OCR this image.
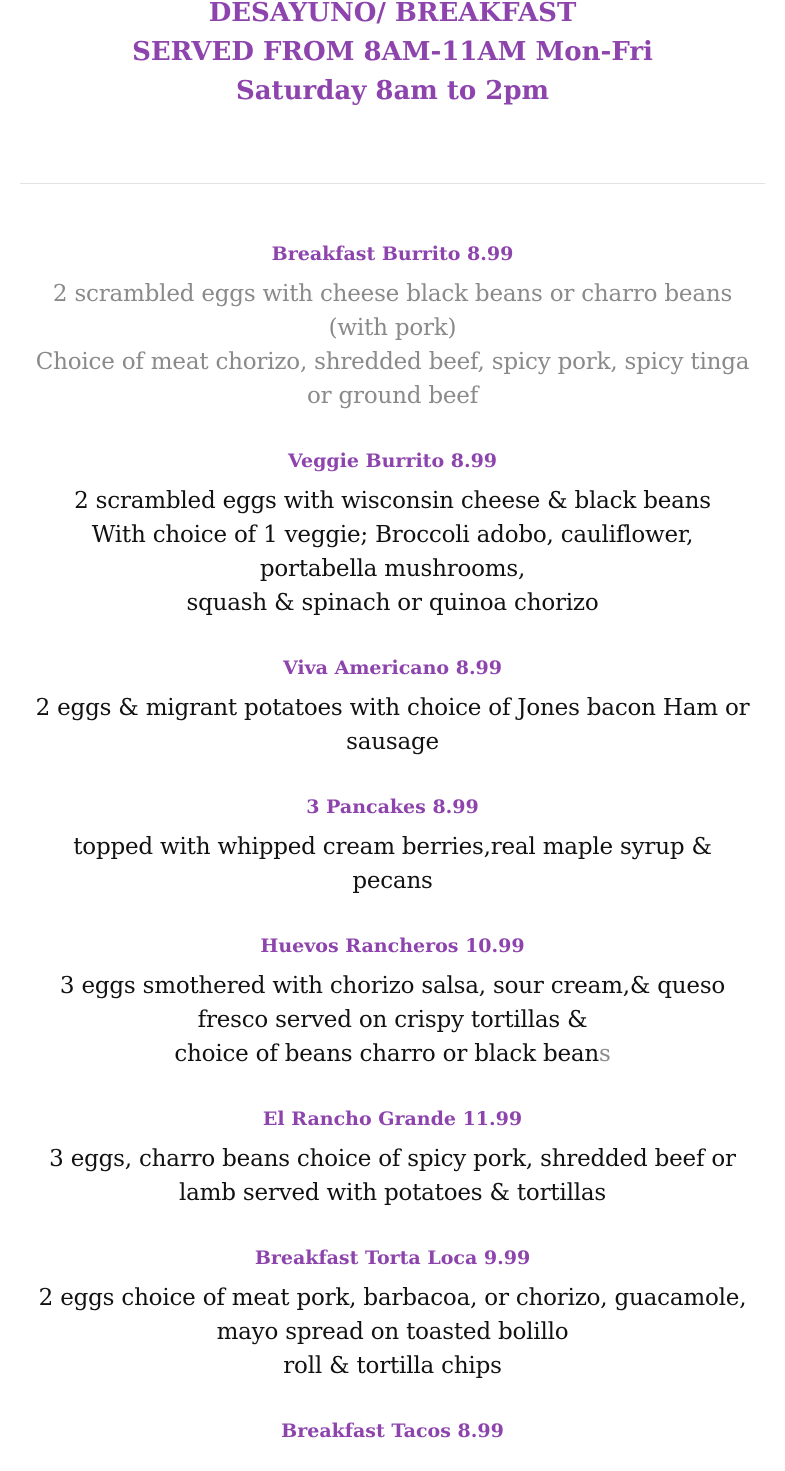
DESAYUNO/ BREAKFAST
SERVED FROM 8AM-11AM Mon-Fri
Saturday 8am to 2pm
Breakfast Burrito 8.99
2 scrambled eggs with cheese black beans or charro beans
(with pork)
Choice of meat chorizo, shredded beef, spicy pork, spicy tinga
or ground beef
Veggie Burrito 8.99
2 scrambled eggs with wisconsin cheese & black beans
With choice of 1 veggie; Broccoli adobo, cauliflower,
portabella mushrooms,
squash & spinach or quinoa chorizo
Viva Americano 8.99
2 eggs & migrant potatoes with choice of Jones bacon Ham or
sausage
3 Pancakes 8.99
topped with whipped cream berries,real maple syrup &
pecans
Huevos Rancheros 10.99
3 eggs smothered with chorizo salsa, sour cream,& queso
fresco served on crispy tortillas &
choice of beans charro or black beans
El Rancho Grande 11.99
3 eggs, charro beans choice of spicy pork, shredded beef or
lamb served with potatoes & tortillas
Breakfast Torta Loca 9.99
2 eggs choice of meat pork, barbacoa, or chorizo, guacamole,
mayo spread on toasted bolillo
roll & tortilla chips
Breakfast Tacos 8.99
